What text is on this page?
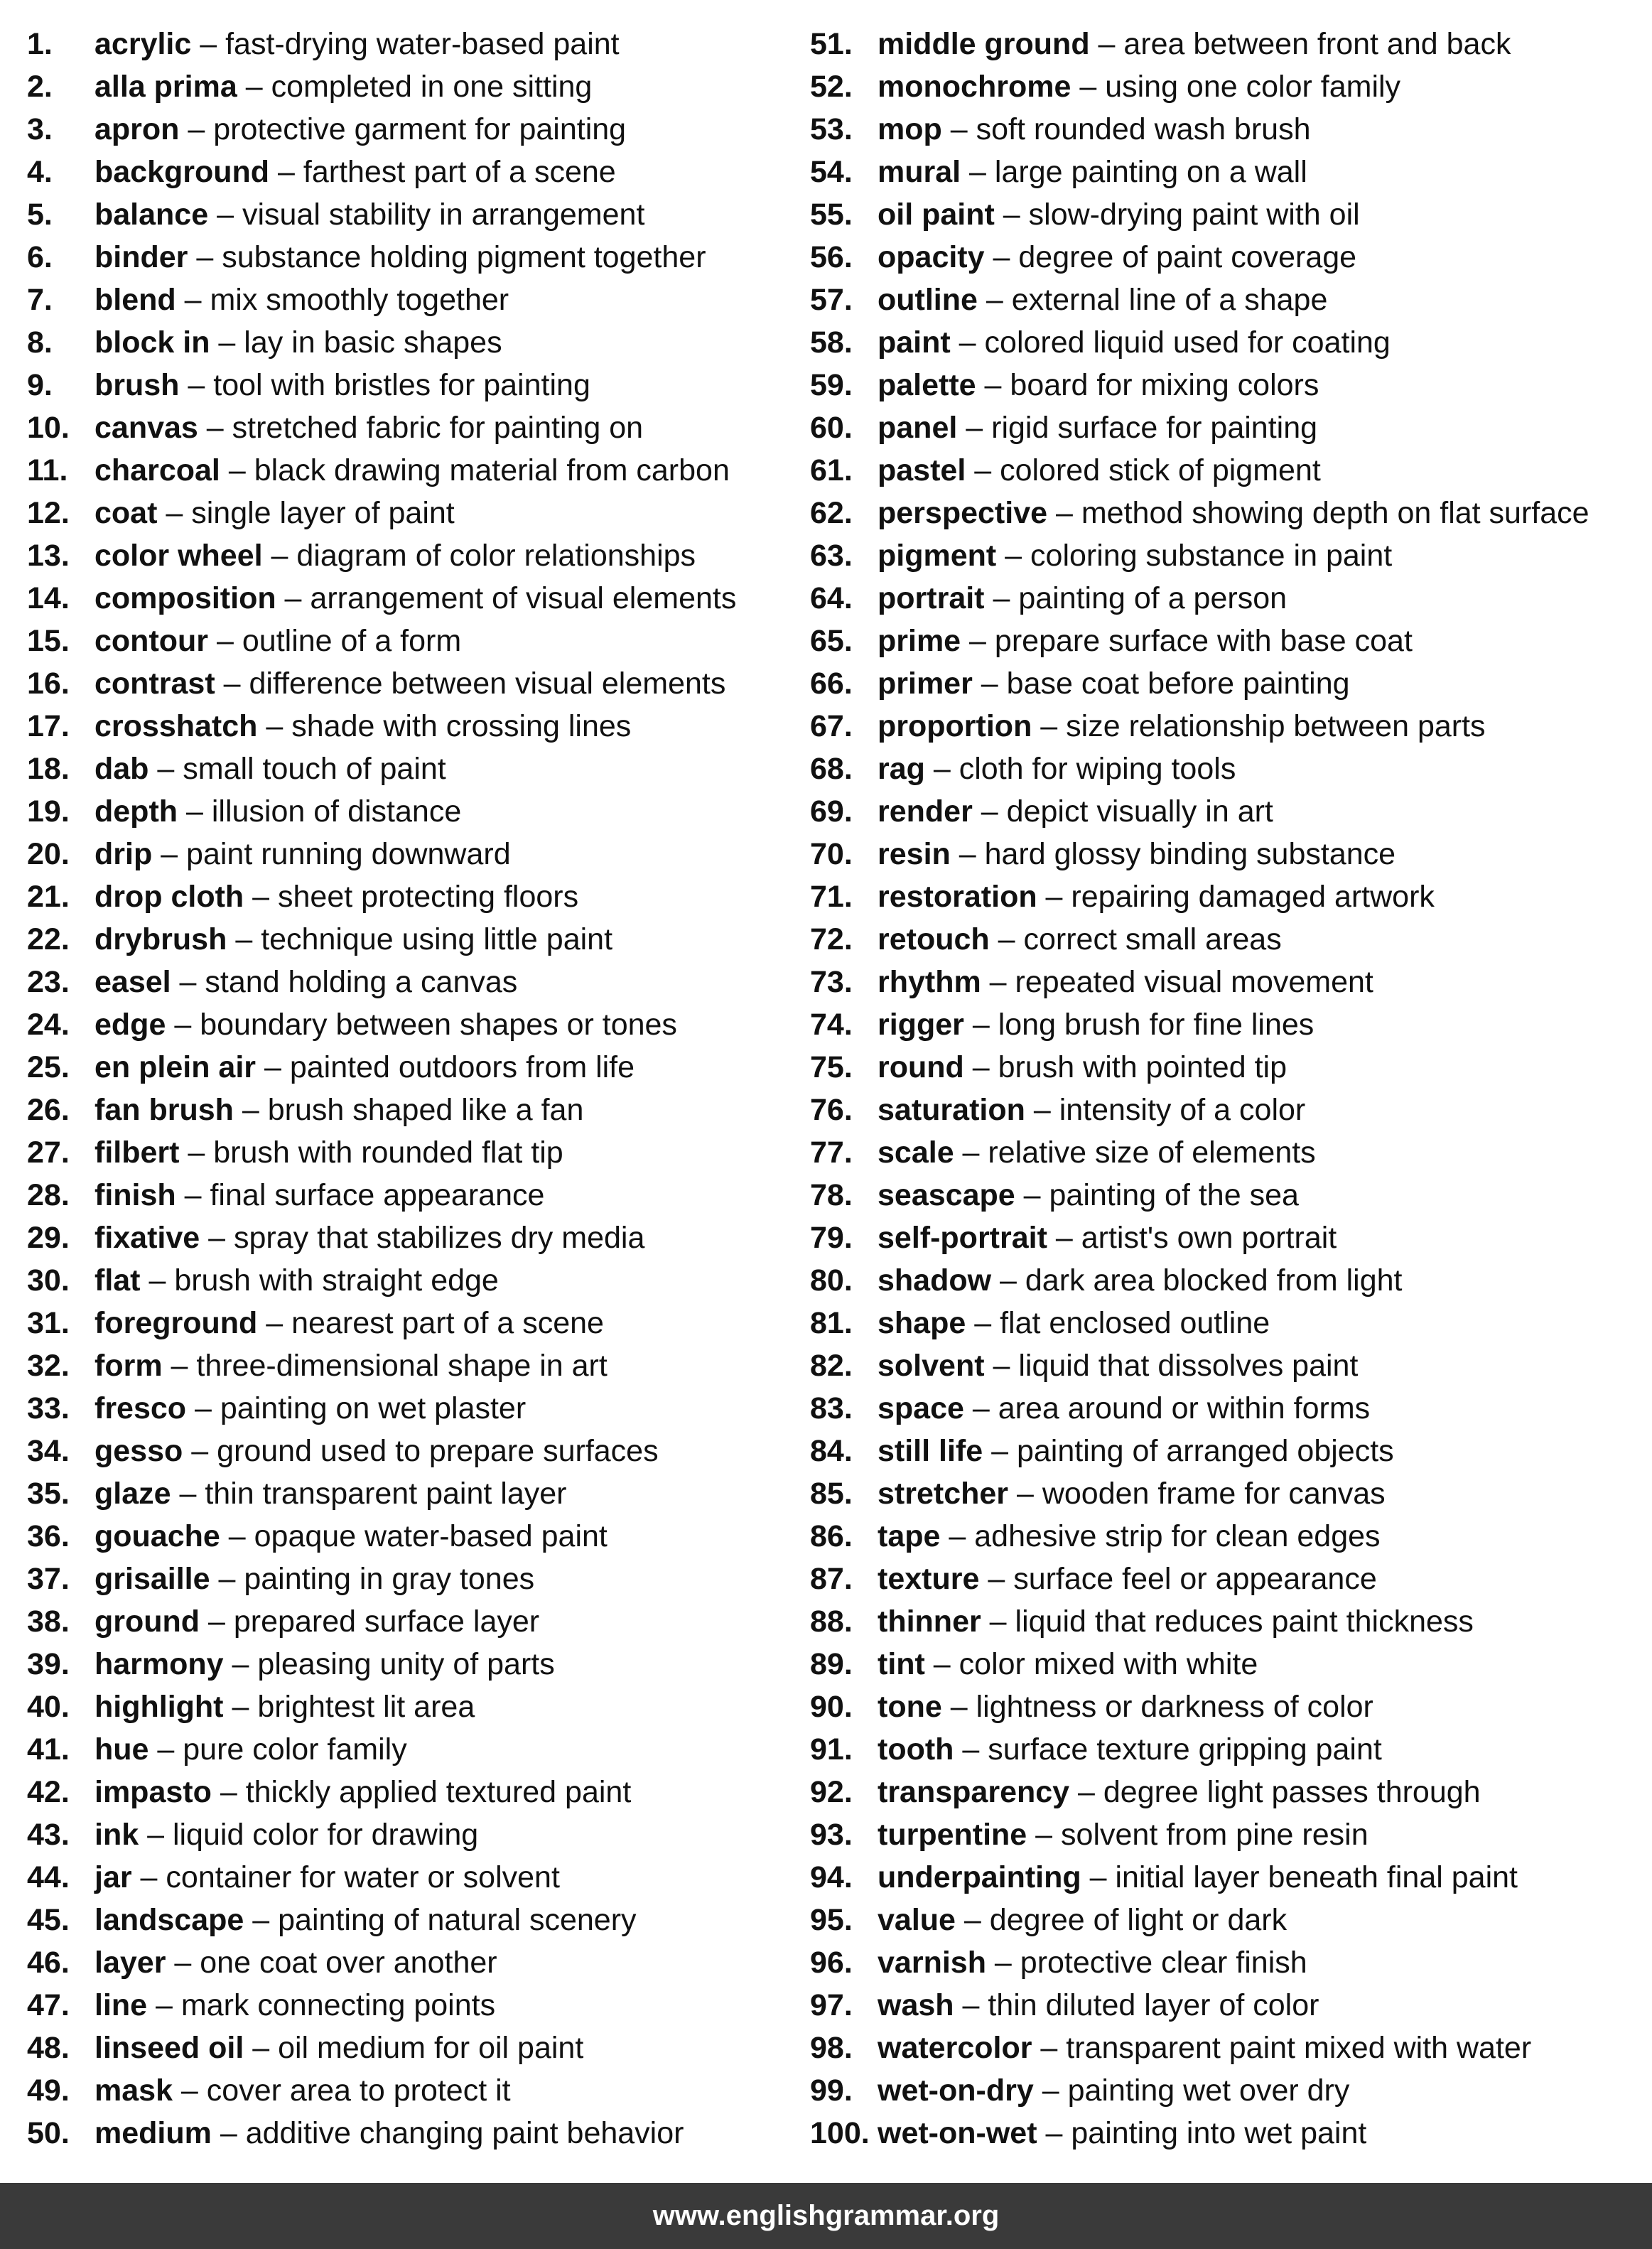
1.	acrylic – fast-drying water-based paint
2.	alla prima – completed in one sitting
3.	apron – protective garment for painting
4.	background – farthest part of a scene
5.	balance – visual stability in arrangement
6.	binder – substance holding pigment together
7.	blend – mix smoothly together
8.	block in – lay in basic shapes
9.	brush – tool with bristles for painting
10. canvas – stretched fabric for painting on
11. charcoal – black drawing material from carbon
12. coat – single layer of paint
13. color wheel – diagram of color relationships
14. composition – arrangement of visual elements
15. contour – outline of a form
16. contrast – difference between visual elements
17. crosshatch – shade with crossing lines
18. dab – small touch of paint
19. depth – illusion of distance
20. drip – paint running downward
21. drop cloth – sheet protecting floors
22. drybrush – technique using little paint
23. easel – stand holding a canvas
24. edge – boundary between shapes or tones
25. en plein air – painted outdoors from life
26. fan brush – brush shaped like a fan
27. filbert – brush with rounded flat tip
28. finish – final surface appearance
29. fixative – spray that stabilizes dry media
30. flat – brush with straight edge
31. foreground – nearest part of a scene
32. form – three-dimensional shape in art
33. fresco – painting on wet plaster
34. gesso – ground used to prepare surfaces
35. glaze – thin transparent paint layer
36. gouache – opaque water-based paint
37. grisaille – painting in gray tones
38. ground – prepared surface layer
39. harmony – pleasing unity of parts
40. highlight – brightest lit area
41. hue – pure color family
42. impasto – thickly applied textured paint
43. ink – liquid color for drawing
44. jar – container for water or solvent
45. landscape – painting of natural scenery
46. layer – one coat over another
47. line – mark connecting points
48. linseed oil – oil medium for oil paint
49. mask – cover area to protect it
50. medium – additive changing paint behavior
51. middle ground – area between front and back
52. monochrome – using one color family
53. mop – soft rounded wash brush
54. mural – large painting on a wall
55. oil paint – slow-drying paint with oil
56. opacity – degree of paint coverage
57. outline – external line of a shape
58. paint – colored liquid used for coating
59. palette – board for mixing colors
60. panel – rigid surface for painting
61. pastel – colored stick of pigment
62. perspective – method showing depth on flat surface
63. pigment – coloring substance in paint
64. portrait – painting of a person
65. prime – prepare surface with base coat
66. primer – base coat before painting
67. proportion – size relationship between parts
68. rag – cloth for wiping tools
69. render – depict visually in art
70. resin – hard glossy binding substance
71. restoration – repairing damaged artwork
72. retouch – correct small areas
73. rhythm – repeated visual movement
74. rigger – long brush for fine lines
75. round – brush with pointed tip
76. saturation – intensity of a color
77. scale – relative size of elements
78. seascape – painting of the sea
79. self-portrait – artist's own portrait
80. shadow – dark area blocked from light
81. shape – flat enclosed outline
82. solvent – liquid that dissolves paint
83. space – area around or within forms
84. still life – painting of arranged objects
85. stretcher – wooden frame for canvas
86. tape – adhesive strip for clean edges
87. texture – surface feel or appearance
88. thinner – liquid that reduces paint thickness
89. tint – color mixed with white
90. tone – lightness or darkness of color
91. tooth – surface texture gripping paint
92. transparency – degree light passes through
93. turpentine – solvent from pine resin
94. underpainting – initial layer beneath final paint
95. value – degree of light or dark
96. varnish – protective clear finish
97. wash – thin diluted layer of color
98. watercolor – transparent paint mixed with water
99. wet-on-dry – painting wet over dry
100. wet-on-wet – painting into wet paint
www.englishgrammar.org
